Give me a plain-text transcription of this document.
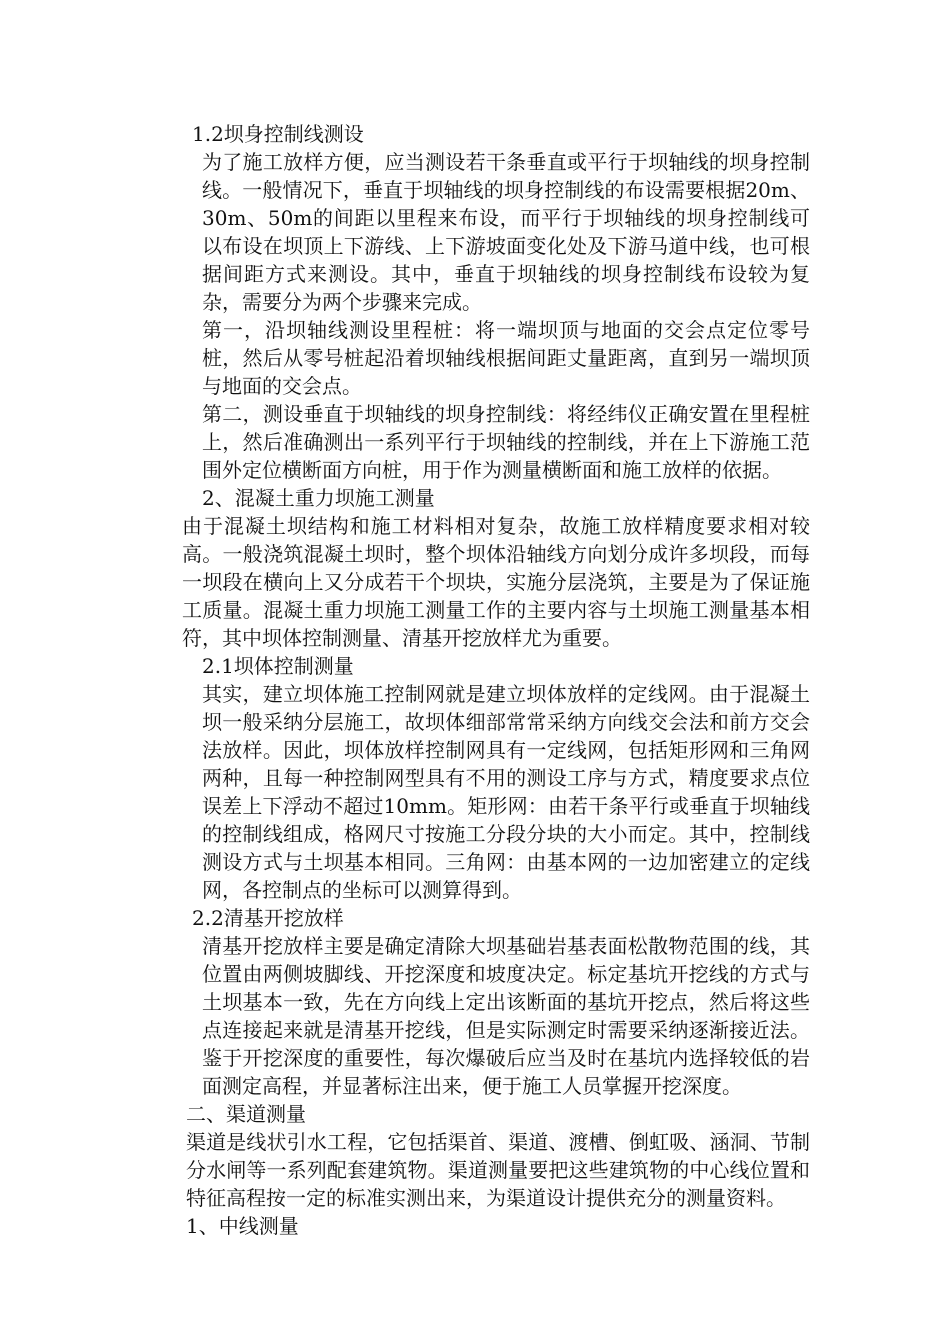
1.2坝身控制线测设

为了施工放样方便，应当测设若干条垂直或平行于坝轴线的坝身控制线。一般情况下，垂直于坝轴线的坝身控制线的布设需要根据20m、30m、50m的间距以里程来布设，而平行于坝轴线的坝身控制线可以布设在坝顶上下游线、上下游坡面变化处及下游马道中线，也可根据间距方式来测设。其中，垂直于坝轴线的坝身控制线布设较为复杂，需要分为两个步骤来完成。

第一，沿坝轴线测设里程桩：将一端坝顶与地面的交会点定位零号桩，然后从零号桩起沿着坝轴线根据间距丈量距离，直到另一端坝顶与地面的交会点。

第二，测设垂直于坝轴线的坝身控制线：将经纬仪正确安置在里程桩上，然后准确测出一系列平行于坝轴线的控制线，并在上下游施工范围外定位横断面方向桩，用于作为测量横断面和施工放样的依据。

2、混凝土重力坝施工测量

由于混凝土坝结构和施工材料相对复杂，故施工放样精度要求相对较高。一般浇筑混凝土坝时，整个坝体沿轴线方向划分成许多坝段，而每一坝段在横向上又分成若干个坝块，实施分层浇筑，主要是为了保证施工质量。混凝土重力坝施工测量工作的主要内容与土坝施工测量基本相符，其中坝体控制测量、清基开挖放样尤为重要。

2.1坝体控制测量

其实，建立坝体施工控制网就是建立坝体放样的定线网。由于混凝土坝一般采纳分层施工，故坝体细部常常采纳方向线交会法和前方交会法放样。因此，坝体放样控制网具有一定线网，包括矩形网和三角网两种，且每一种控制网型具有不用的测设工序与方式，精度要求点位误差上下浮动不超过10mm。矩形网：由若干条平行或垂直于坝轴线的控制线组成，格网尺寸按施工分段分块的大小而定。其中，控制线测设方式与土坝基本相同。三角网：由基本网的一边加密建立的定线网，各控制点的坐标可以测算得到。

2.2清基开挖放样

清基开挖放样主要是确定清除大坝基础岩基表面松散物范围的线，其位置由两侧坡脚线、开挖深度和坡度决定。标定基坑开挖线的方式与土坝基本一致，先在方向线上定出该断面的基坑开挖点，然后将这些点连接起来就是清基开挖线，但是实际测定时需要采纳逐渐接近法。鉴于开挖深度的重要性，每次爆破后应当及时在基坑内选择较低的岩面测定高程，并显著标注出来，便于施工人员掌握开挖深度。

二、渠道测量

渠道是线状引水工程，它包括渠首、渠道、渡槽、倒虹吸、涵洞、节制分水闸等一系列配套建筑物。渠道测量要把这些建筑物的中心线位置和特征高程按一定的标准实测出来，为渠道设计提供充分的测量资料。

1、中线测量
